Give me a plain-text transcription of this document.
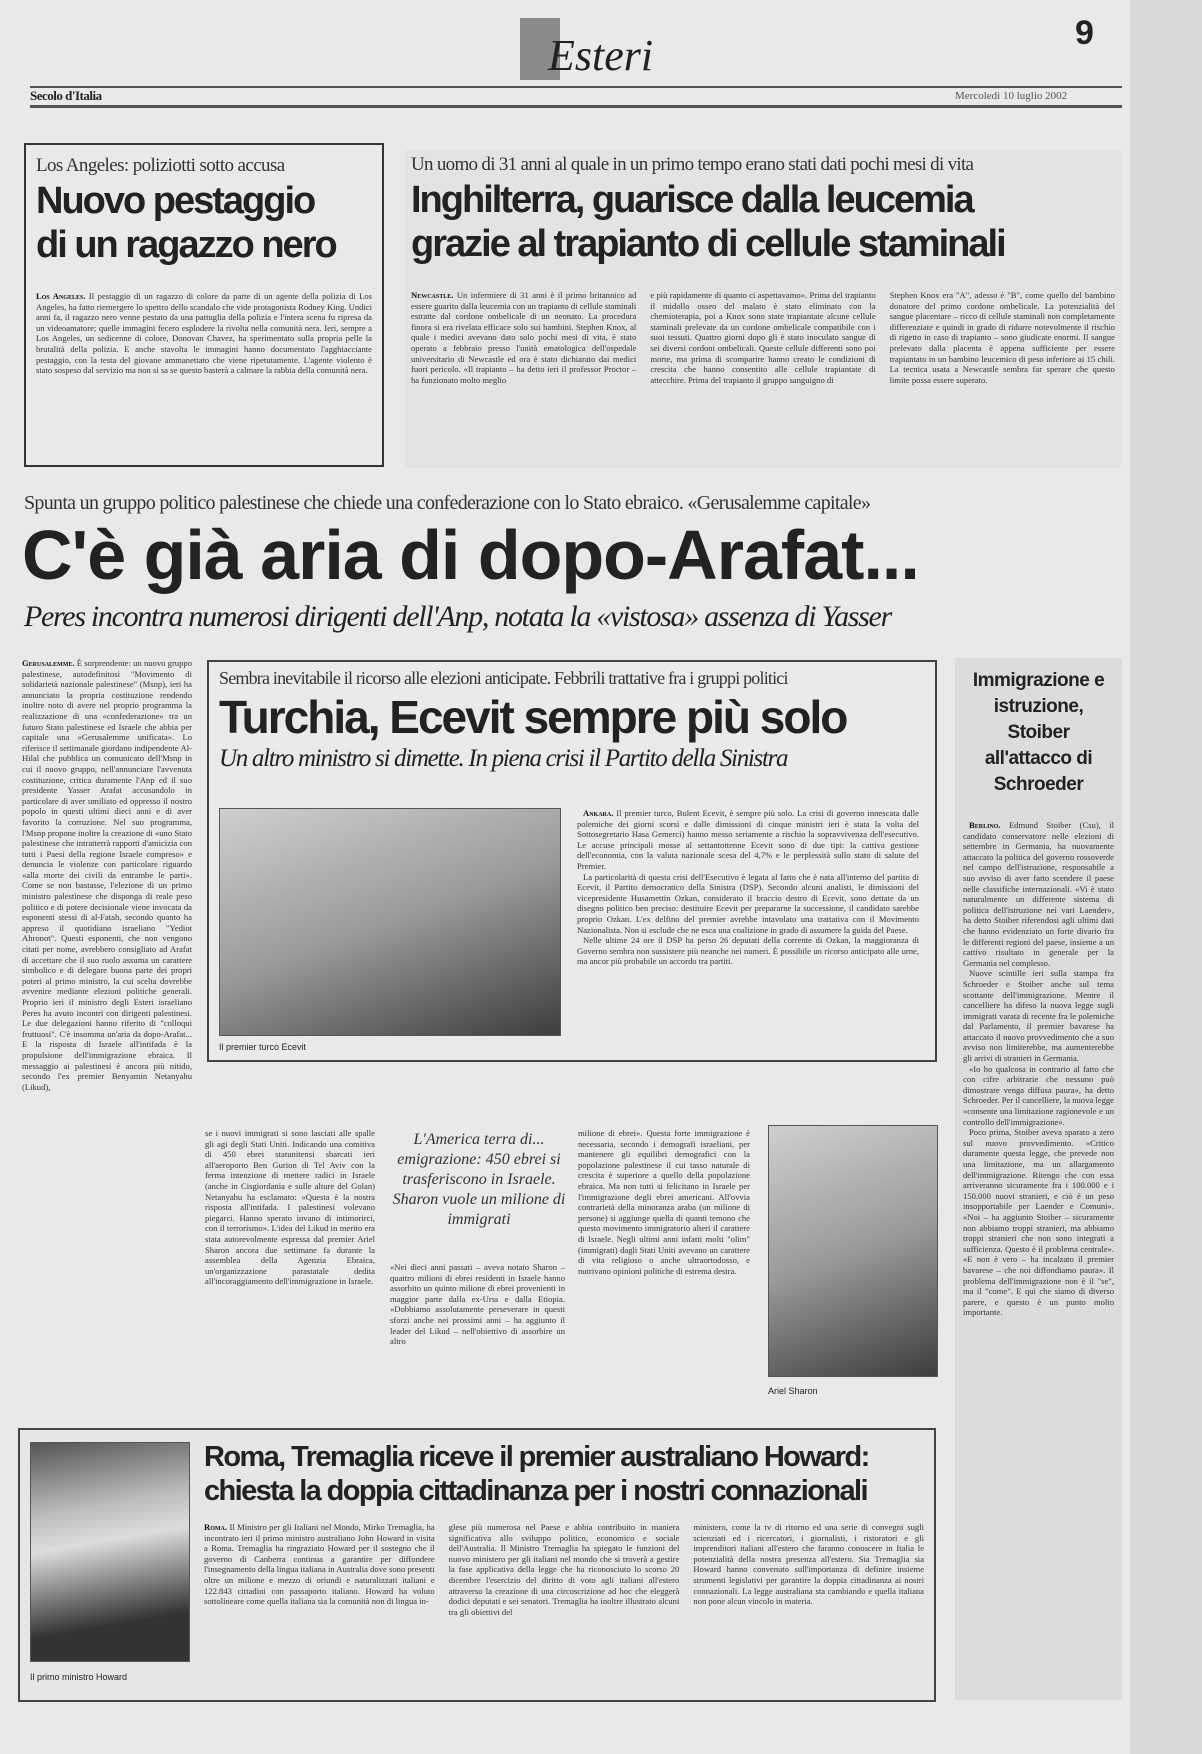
Esteri	9
Secolo d'Italia	Mercoledì 10 luglio 2002
Los Angeles: poliziotti sotto accusa
Nuovo pestaggio
di un ragazzo nero
Los Angeles. Il pestaggio di un ragazzo di colore da parte di un agente della polizia di Los Angeles, ha fatto riemergere lo spettro dello scandalo che vide protagonista Rodney King. Undici anni fa, il ragazzo nero venne pestato da una pattuglia della polizia e l'intera scena fu ripresa da un videoamatore; quelle immagini fecero esplodere la rivolta nella comunità nera. Ieri, sempre a Los Angeles, un sedicenne di colore, Donovan Chavez, ha sperimentato sulla propria pelle la brutalità della polizia. E anche stavolta le immagini hanno documentato l'agghiacciante pestaggio, con la testa del giovane ammanettato che viene ripetutamente. L'agente violento è stato sospeso dal servizio ma non si sa se questo basterà a calmare la rabbia della comunità nera.
Un uomo di 31 anni al quale in un primo tempo erano stati dati pochi mesi di vita
Inghilterra, guarisce dalla leucemia
grazie al trapianto di cellule staminali
Newcastle. Un infermiere di 31 anni è il primo britannico ad essere guarito dalla leucemia con un trapianto di cellule staminali estratte dal cordone ombelicale di un neonato. La procedura finora si era rivelata efficace solo sui bambini. Stephen Knox, al quale i medici avevano dato solo pochi mesi di vita, è stato operato a febbraio presso l'unità ematologica dell'ospedale universitario di Newcastle ed ora è stato dichiarato dai medici fuori pericolo. «Il trapianto – ha detto ieri il professor Proctor – ha funzionato molto meglio
e più rapidamente di quanto ci aspettavamo». Prima del trapianto il midollo osseo del malato è stato eliminato con la chemioterapia, poi a Knox sono state trapiantate alcune cellule staminali prelevate da un cordone ombelicale compatibile con i suoi tessuti. Quattro giorni dopo gli è stato inoculato sangue di sei diversi cordoni ombelicali. Queste cellule differenti sono poi morte, ma prima di scomparire hanno creato le condizioni di crescita che hanno consentito alle cellule trapiantate di attecchire. Prima del trapianto il gruppo sanguigno di
Stephen Knox era "A", adesso è "B", come quello del bambino donatore del primo cordone ombelicale. La potenzialità del sangue placentare – ricco di cellule staminali non completamente differenziate e quindi in grado di ridurre notevolmente il rischio di rigetto in caso di trapianto – sono giudicate enormi. Il sangue prelevato dalla placenta è appena sufficiente per essere trapiantato in un bambino leucemico di peso inferiore ai 15 chili. La tecnica usata a Newcastle sembra far sperare che questo limite possa essere superato.
Spunta un gruppo politico palestinese che chiede una confederazione con lo Stato ebraico. «Gerusalemme capitale»
C'è già aria di dopo-Arafat...
Peres incontra numerosi dirigenti dell'Anp, notata la «vistosa» assenza di Yasser
Gerusalemme. È sorprendente: un nuovo gruppo palestinese, autodefinitosi "Movimento di solidarietà nazionale palestinese" (Msnp), ieri ha annunciato la propria costituzione rendendo inoltre noto di avere nel proprio programma la realizzazione di una «confederazione» tra un futuro Stato palestinese ed Israele che abbia per capitale una «Gerusalemme unificata». Lo riferisce il settimanale giordano indipendente Al-Hilal che pubblica un comunicato dell'Msnp in cui il nuovo gruppo, nell'annunciare l'avvenuta costituzione, critica duramente l'Anp ed il suo presidente Yasser Arafat accusandolo in particolare di aver umiliato ed oppresso il nostro popolo in questi ultimi dieci anni e di aver favorito la corruzione. Nel suo programma, l'Msnp propone inoltre la creazione di «uno Stato palestinese che intratterrà rapporti d'amicizia con tutti i Paesi della regione Israele compreso» e denuncia le violenze con particolare riguardo «alla morte dei civili da entrambe le parti». Come se non bastasse, l'elezione di un primo ministro palestinese che disponga di reale peso politico e di potere decisionale viene invocata da esponenti stessi di al-Fatah, secondo quanto ha appreso il quotidiano israeliano "Yediot Ahronot". Questi esponenti, che non vengono citati per nome, avrebbero consigliato ad Arafat di accettare che il suo ruolo assuma un carattere simbolico e di delegare buona parte dei propri poteri al primo ministro, la cui scelta dovrebbe avvenire mediante elezioni politiche generali. Proprio ieri il ministro degli Esteri israeliano Peres ha avuto incontri con dirigenti palestinesi. Le due delegazioni hanno riferito di "colloqui fruttuosi". C'è insomma un'aria da dopo-Arafat... E la risposta di Israele all'intifada è la propulsione dell'immigrazione ebraica. Il messaggio ai palestinesi è ancora più nitido, secondo l'ex premier Benyamin Netanyahu (Likud),
Sembra inevitabile il ricorso alle elezioni anticipate. Febbrili trattative fra i gruppi politici
Turchia, Ecevit sempre più solo
Un altro ministro si dimette. In piena crisi il Partito della Sinistra
Il premier turco Ecevit

Ankara. Il premier turco, Bulent Ecevit, è sempre più solo. La crisi di governo innescata dalle polemiche dei giorni scorsi e dalle dimissioni di cinque ministri ieri è stata la volta del Sottosegretario Hasa Gemerci) hanno messo seriamente a rischio la sopravvivenza dell'esecutivo. Le accuse principali mosse al settantottenne Ecevit sono di due tipi: la cattiva gestione dell'economia, con la valuta nazionale scesa del 4,7% e le perplessità sullo stato di salute del Premier.

La particolarità di questa crisi dell'Esecutivo è legata al fatto che è nata all'interno del partito di Ecevit, il Partito democratico della Sinistra (DSP). Secondo alcuni analisti, le dimissioni del vicepresidente Husamettin Ozkan, considerato il braccio destro di Ecevit, sono dettate da un disegno politico ben preciso: destituire Ecevit per prepararne la successione, il candidato sarebbe proprio Ozkan. L'ex delfino del premier avrebbe intavolato una trattativa con il Movimento Nazionalista. Non si esclude che ne esca una coalizione in grado di assumere la guida del Paese.

Nelle ultime 24 ore il DSP ha perso 26 deputati della corrente di Ozkan, la maggioranza di Governo sembra non sussistere più neanche nei numeri. È possibile un ricorso anticipato alle urne, ma ancor più probabile un accordo tra partiti.

se i nuovi immigrati si sono lasciati alle spalle gli agi degli Stati Uniti. Indicando una comitiva di 450 ebrei statunitensi sbarcati ieri all'aeroporto Ben Gurion di Tel Aviv con la ferma intenzione di mettere radici in Israele (anche in Cisgiordania e sulle alture del Golan) Netanyahu ha esclamato: «Questa è la nostra risposta all'intifada. I palestinesi volevano piegarci. Hanno sperato invano di intimorirci, con il terrorismo». L'idea del Likud in merito era stata autorevolmente espressa dal premier Ariel Sharon ancora due settimane fa durante la assemblea della Agenzia Ebraica, un'organizzazione parastatale dedita all'incoraggiamento dell'immigrazione in Israele.
L'America terra di... emigrazione: 450 ebrei si trasferiscono in Israele. Sharon vuole un milione di immigrati
«Nei dieci anni passati – aveva notato Sharon – quattro milioni di ebrei residenti in Israele hanno assorbito un quinto milione di ebrei provenienti in maggior parte dalla ex-Urss e dalla Etiopia. «Dobbiamo assolutamente perseverare in questi sforzi anche nei prossimi anni – ha aggiunto il leader del Likud – nell'obiettivo di assorbire un altro
milione di ebrei». Questa forte immigrazione è necessaria, secondo i demografi israeliani, per mantenere gli equilibri demografici con la popolazione palestinese il cui tasso naturale di crescita è superiore a quello della popolazione ebraica. Ma non tutti si felicitano in Israele per l'immigrazione degli ebrei americani. All'ovvia contrarietà della minoranza araba (un milione di persone) si aggiunge quella di quanti temono che questo movimento immigratorio alteri il carattere di Israele. Negli ultimi anni infatti molti "olim" (immigrati) dagli Stati Uniti avevano un carattere di vita religioso o anche ultraortodosso, e nutrivano opinioni politiche di estrema destra.
Ariel Sharon
Immigrazione e istruzione, Stoiber all'attacco di Schroeder

Berlino. Edmund Stoiber (Csu), il candidato conservatore nelle elezioni di settembre in Germania, ha nuovamente attaccato la politica del governo rossoverde nel campo dell'istruzione, responsabile a suo avviso di aver fatto scendere il paese nelle classifiche internazionali. «Vi è stato naturalmente un differente sistema di politica dell'istruzione nei vari Laender», ha detto Stoiber riferendosi agli ultimi dati che hanno evidenziato un forte divario fra le differenti regioni del paese, insieme a un cattivo risultato in generale per la Germania nel complesso.

Nuove scintille ieri sulla stampa fra Schroeder e Stoiber anche sul tema scottante dell'immigrazione. Mentre il cancelliere ha difeso la nuova legge sugli immigrati varata di recente fra le polemiche dal Parlamento, il premier bavarese ha attaccato il nuovo provvedimento che a suo avviso non limiterebbe, ma aumenterebbe gli arrivi di stranieri in Germania.

«Io ho qualcosa in contrario al fatto che con cifre arbitrarie che nessuno può dimostrare venga diffusa paura», ha detto Schroeder. Per il cancelliere, la nuova legge «consente una limitazione ragionevole e un controllo dell'immigrazione».

Poco prima, Stoiber aveva sparato a zero sul nuovo provvedimento. «Critico duramente questa legge, che prevede non una limitazione, ma un allargamento dell'immigrazione. Ritengo che con essa arriveranno sicuramente fra i 100.000 e i 150.000 nuovi stranieri, e ciò è un peso insopportabile per Laender e Comuni». «Noi – ha aggiunto Stoiber – sicuramente non abbiamo troppi stranieri, ma abbiamo troppi stranieri che non sono integrati a sufficienza. Questo è il problema centrale». «E non è vero – ha incalzato il premier bavarese – che noi diffondiamo paura». Il problema dell'immigrazione non è il "se", ma il "come". E qui che siamo di diverso parere, e questo è un punto molto importante.

Il primo ministro Howard
Roma, Tremaglia riceve il premier australiano Howard:
chiesta la doppia cittadinanza per i nostri connazionali
Roma. Il Ministro per gli Italiani nel Mondo, Mirko Tremaglia, ha incontrato ieri il primo ministro australiano John Howard in visita a Roma. Tremaglia ha ringraziato Howard per il sostegno che il governo di Canberra continua a garantire per diffondere l'insegnamento della lingua italiana in Australia dove sono presenti oltre un milione e mezzo di oriundi e naturalizzati italiani e 122.843 cittadini con passaporto italiano. Howard ha voluto sottolineare come quella italiana sia la comunità non di lingua in-
glese più numerosa nel Paese e abbia contribuito in maniera significativa allo sviluppo politico, economico e sociale dell'Australia. Il Ministro Tremaglia ha spiegato le funzioni del nuovo ministero per gli italiani nel mondo che si troverà a gestire la fase applicativa della legge che ha riconosciuto lo scorso 20 dicembre l'esercizio del diritto di voto agli italiani all'estero attraverso la creazione di una circoscrizione ad hoc che eleggerà dodici deputati e sei senatori. Tremaglia ha inoltre illustrato alcuni tra gli obiettivi del
ministero, come la tv di ritorno ed una serie di convegni sugli scienziati ed i ricercatori, i giornalisti, i ristoratori e gli imprenditori italiani all'estero che faranno conoscere in Italia le potenzialità della nostra presenza all'estero. Sia Tremaglia sia Howard hanno convenuto sull'importanza di definire insieme strumenti legislativi per garantire la doppia cittadinanza ai nostri connazionali. La legge australiana sta cambiando e quella italiana non pone alcun vincolo in materia.
